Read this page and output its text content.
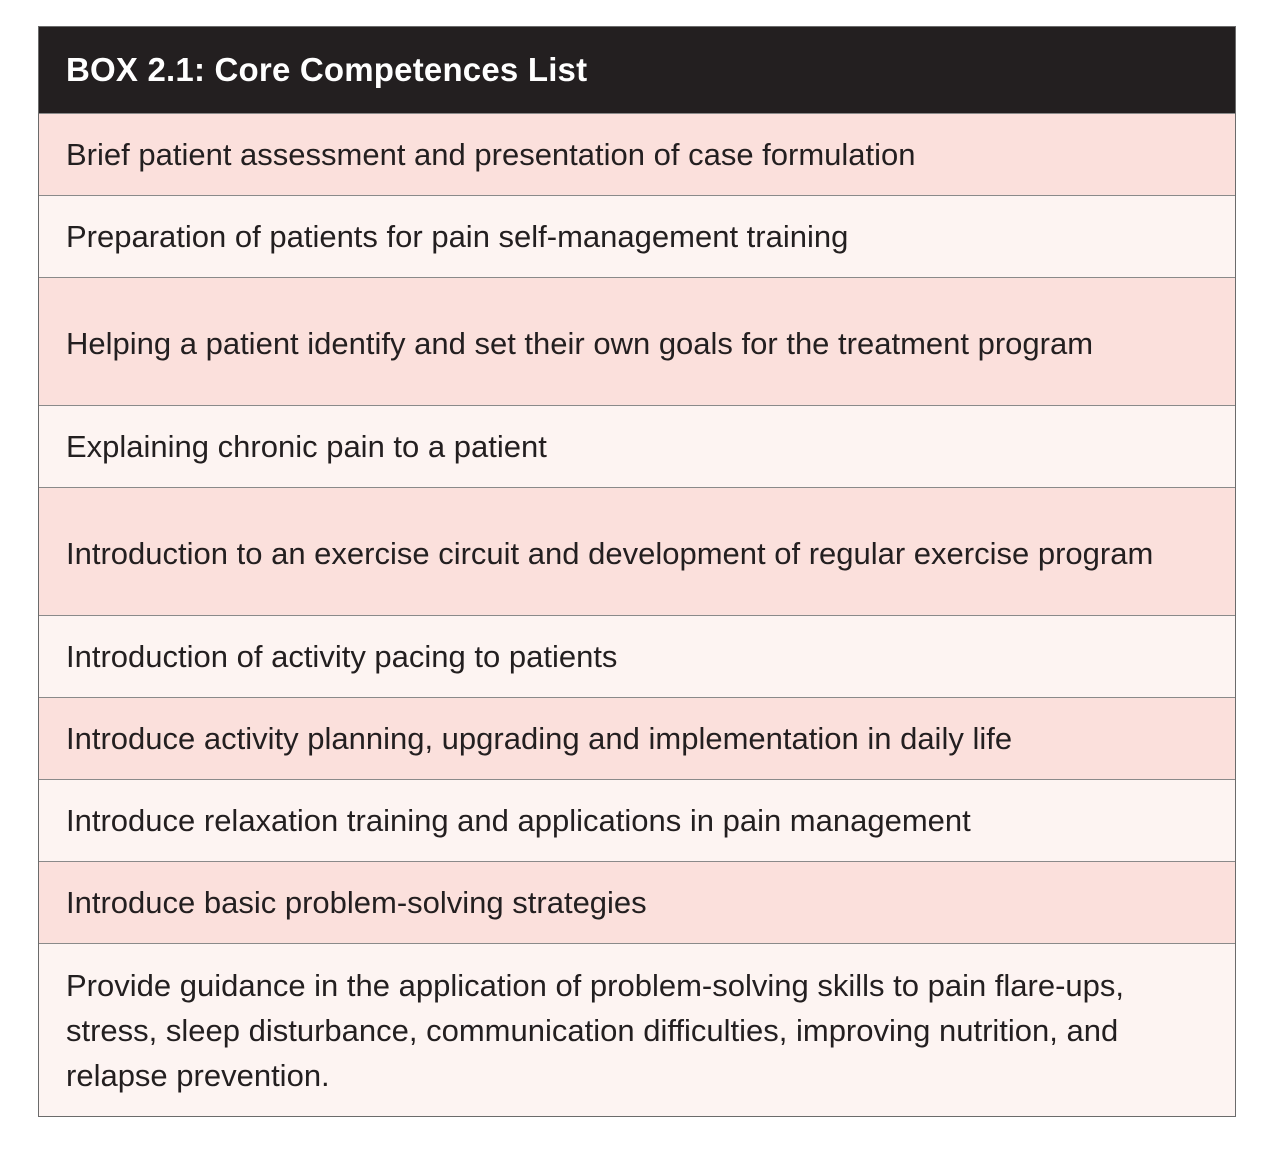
BOX 2.1: Core Competences List
Brief patient assessment and presentation of case formulation
Preparation of patients for pain self-management training
Helping a patient identify and set their own goals for the treatment program
Explaining chronic pain to a patient
Introduction to an exercise circuit and development of regular exercise program
Introduction of activity pacing to patients
Introduce activity planning, upgrading and implementation in daily life
Introduce relaxation training and applications in pain management
Introduce basic problem-solving strategies
Provide guidance in the application of problem-solving skills to pain flare-ups, stress, sleep disturbance, communication difficulties, improving nutrition, and relapse prevention.
